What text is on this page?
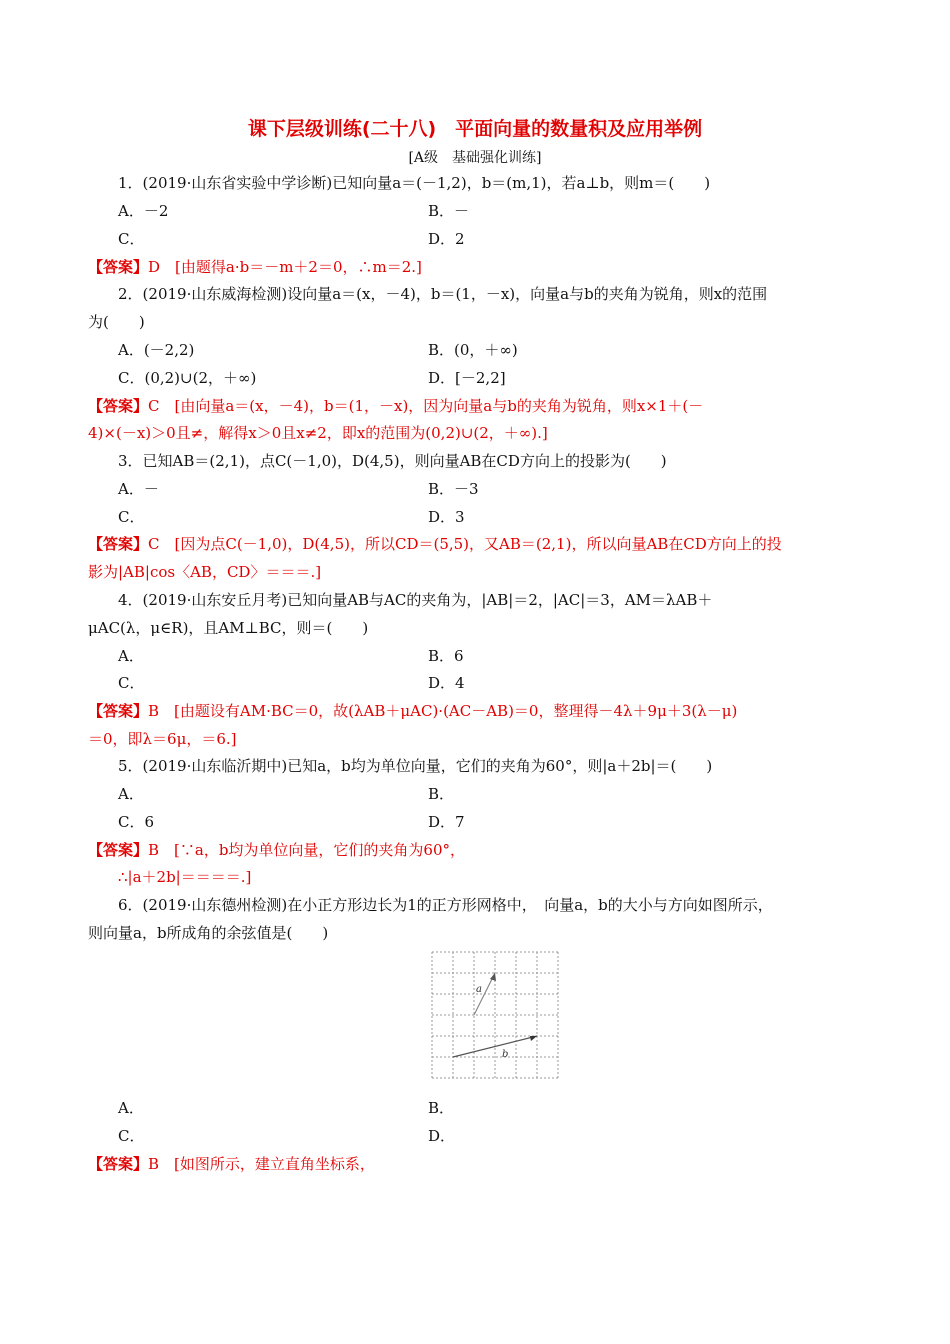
课下层级训练(二十八)　平面向量的数量积及应用举例
[A级　基础强化训练]
1．(2019·山东省实验中学诊断)已知向量a＝(－1,2)，b＝(m,1)，若a⊥b，则m＝(　　)
A．－2	B．－
C．	D．2
【答案】D　[由题得a·b＝－m＋2＝0，∴m＝2.]
2．(2019·山东威海检测)设向量a＝(x，－4)，b＝(1，－x)，向量a与b的夹角为锐角，则x的范围
为(　　)
A．(－2,2)	B．(0，＋∞)
C．(0,2)∪(2，＋∞)	D．[－2,2]
【答案】C　[由向量a＝(x，－4)，b＝(1，－x)，因为向量a与b的夹角为锐角，则x×1＋(－
4)×(－x)＞0且≠，解得x＞0且x≠2，即x的范围为(0,2)∪(2，＋∞).]
3．已知AB＝(2,1)，点C(－1,0)，D(4,5)，则向量AB在CD方向上的投影为(　　)
A．－	B．－3
C．	D．3
【答案】C　[因为点C(－1,0)，D(4,5)，所以CD＝(5,5)，又AB＝(2,1)，所以向量AB在CD方向上的投
影为|AB|cos〈AB，CD〉＝＝＝.]
4．(2019·山东安丘月考)已知向量AB与AC的夹角为，|AB|＝2，|AC|＝3，AM＝λAB＋
μAC(λ，μ∈R)，且AM⊥BC，则＝(　　)
A．	B．6
C．	D．4
【答案】B　[由题设有AM·BC＝0，故(λAB＋μAC)·(AC－AB)＝0，整理得－4λ＋9μ＋3(λ－μ)
＝0，即λ＝6μ，＝6.]
5．(2019·山东临沂期中)已知a，b均为单位向量，它们的夹角为60°，则|a＋2b|＝(　　)
A．	B．
C．6	D．7
【答案】B　[∵a，b均为单位向量，它们的夹角为60°，
∴|a＋2b|＝＝＝＝.]
6．(2019·山东德州检测)在小正方形边长为1的正方形网格中，　向量a，b的大小与方向如图所示，
则向量a，b所成角的余弦值是(　　)
a
b
A．	B．
C．	D．
【答案】B　[如图所示，建立直角坐标系，
